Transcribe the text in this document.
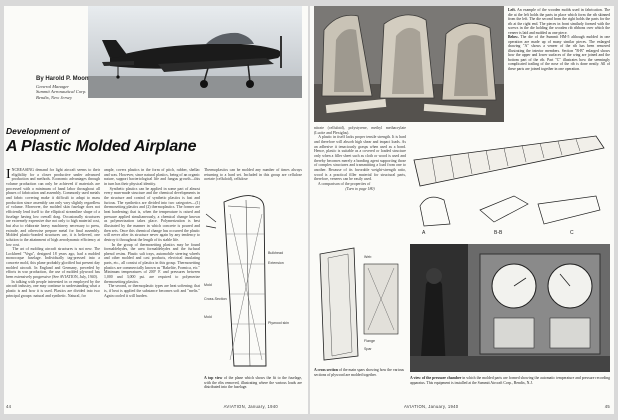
By Harold P. Moon
General Manager
Summit Aeronautical Corp.
Bendix, New Jersey
Development of
A Plastic Molded Airplane
INCREASING demand for light aircraft seems to their eligibility for a closer productive under advanced production and methods. Economic advantages through volume production can only be achieved if materials are processed with a minimum of hand labor throughout all phases of fabrication and assembly. Commonly used metals and fabric covering make it difficult to adapt to mass production since assembly can only vary slightly regardless of volume. Moreover, the molded skin fuselage does not efficiently lend itself to the elliptical streamline shape of a fuselage having low overall drag. Occasionally structures are extremely expensive due not only to high material cost, but also to elaborate heavy machinery necessary to press, extrude, and otherwise prepare metal for final assembly. Molded plastic-bonded structures are, it is believed, one solution to the attainment of high aerodynamic efficiency at low cost.
The art of molding aircraft structures is not new. The Lockheed "Vega", designed 18 years ago, had a molded monocoque fuselage. Individually tag-pressed into a concrete mold, this plane probably glorified but present day molded aircraft. In England and Germany, preceded by efforts in war production, the use of molded plywood has been extensively progressive (See AVIATION, July, 1940).
In talking with people interested in or employed by the aircraft industry, one may continue to understanding what a plastic is and how it is used. Plastics are divided into two principal groups: natural and synthetic. Natural, for
ample, covers plastics in the form of pitch, rubber, shellac and wax. However, since natural plastics, being of an organic nature, support bacteriological life and fungus growth—this in turn has their physical identity.
Synthetic plastics can be applied in some part of almost every man-made structure and the chemical developments in the structure and control of synthetic plastics is fast and furious. The synthetics are divided into two categories—(1) thermosetting plastics and (2) thermoplastics. The former are heat hardening; that is, when the temperature is raised and pressure applied simultaneously, a chemical change known as polymerization takes place. Polymerization is best illustrated by the manner in which concrete is poured and then sets. Once this chemical change has occurred the plastic will never after its structure never again by any tendency to destroy it throughout the length of its stable life.
In the group of thermosetting plastics may be found formaldehydes, the urea formaldehydes and the furfural phenol resins. Plastic salt trays, automobile steering wheels and other molded and cast products, electrical insulating parts, etc., all consist of plastics in this group. Thermosetting plastics are commercially known as "Bakelite, Formica, etc." Minimum temperatures of 200° F. and pressures between 1,000 and 3,000 psi. are required to polymerize thermosetting plastics.
The second, or thermoplastic types are heat softening; that is, if heat is applied the substance becomes soft and "melts." Again cooled it will harden.
Thermoplastics can be molded any number of times always returning to a hard set. Included in this group are cellulose acetate (celluloid), cellulose
Bulkhead
Extension
Mold
Cross-Section
Mold
Plywood skin
A top view of the plane which shows the fit to the fuselage, with the ribs removed, illustrating where the various loads are distributed into the fuselage.
44	AVIATION, January, 1940
Left. An example of the wooden molds used in fabrication. The die at the left holds the parts in place which form the rib skinned from the left. The die second from the right holds the parts for the rib at the right end. The pieces in front similarly formed with the screws in the die holding the wooden rib ribbons over which the veneer is laid and molded as one piece.
Below. The die of the Summit HM-5 although molded in one operation are made up of many similar pieces. The enlarged drawing "A" shows a veneer of the rib has been removed illustrating the interior members. Section "B-B" enlarged shows how the upper and lower surfaces of the wing are joined and the bottom part of the rib. Part "C" illustrates how the seemingly complicated trailing of the nose of the rib is done neatly. All of these parts are joined together in one operation.
nitrate (celluloid), polystyrene, methyl methacrylate (Lucite and Plexiglas).
A plastic in itself lacks proper tensile strength. It is hard and therefore will absorb high shear and impact loads. As an adhesive it tenaciously grasps when used as a bond. Hence, plastic is suitable as a covered or loaded structure only when a filler sheet such as cloth or wood is used and thereby becomes merely a bonding agent supporting those of complex structures and transmitting a load from one to another. Because of its favorable weight-strength ratio, wood is a practical filler material for structural parts, therefore, veneers can be easily used.
A comparison of the properties of

(Turn to page 180)
A	B-B	C
Web
Flange
Spar
A cross section of the main spars showing how the various sections of plywood are molded together.
A view of the pressure chamber in which the molded parts are formed showing the automatic temperature and pressure recording apparatus. This equipment is installed at the Summit Aircraft Corp., Bendix, N.J.
AVIATION, January, 1940	45
